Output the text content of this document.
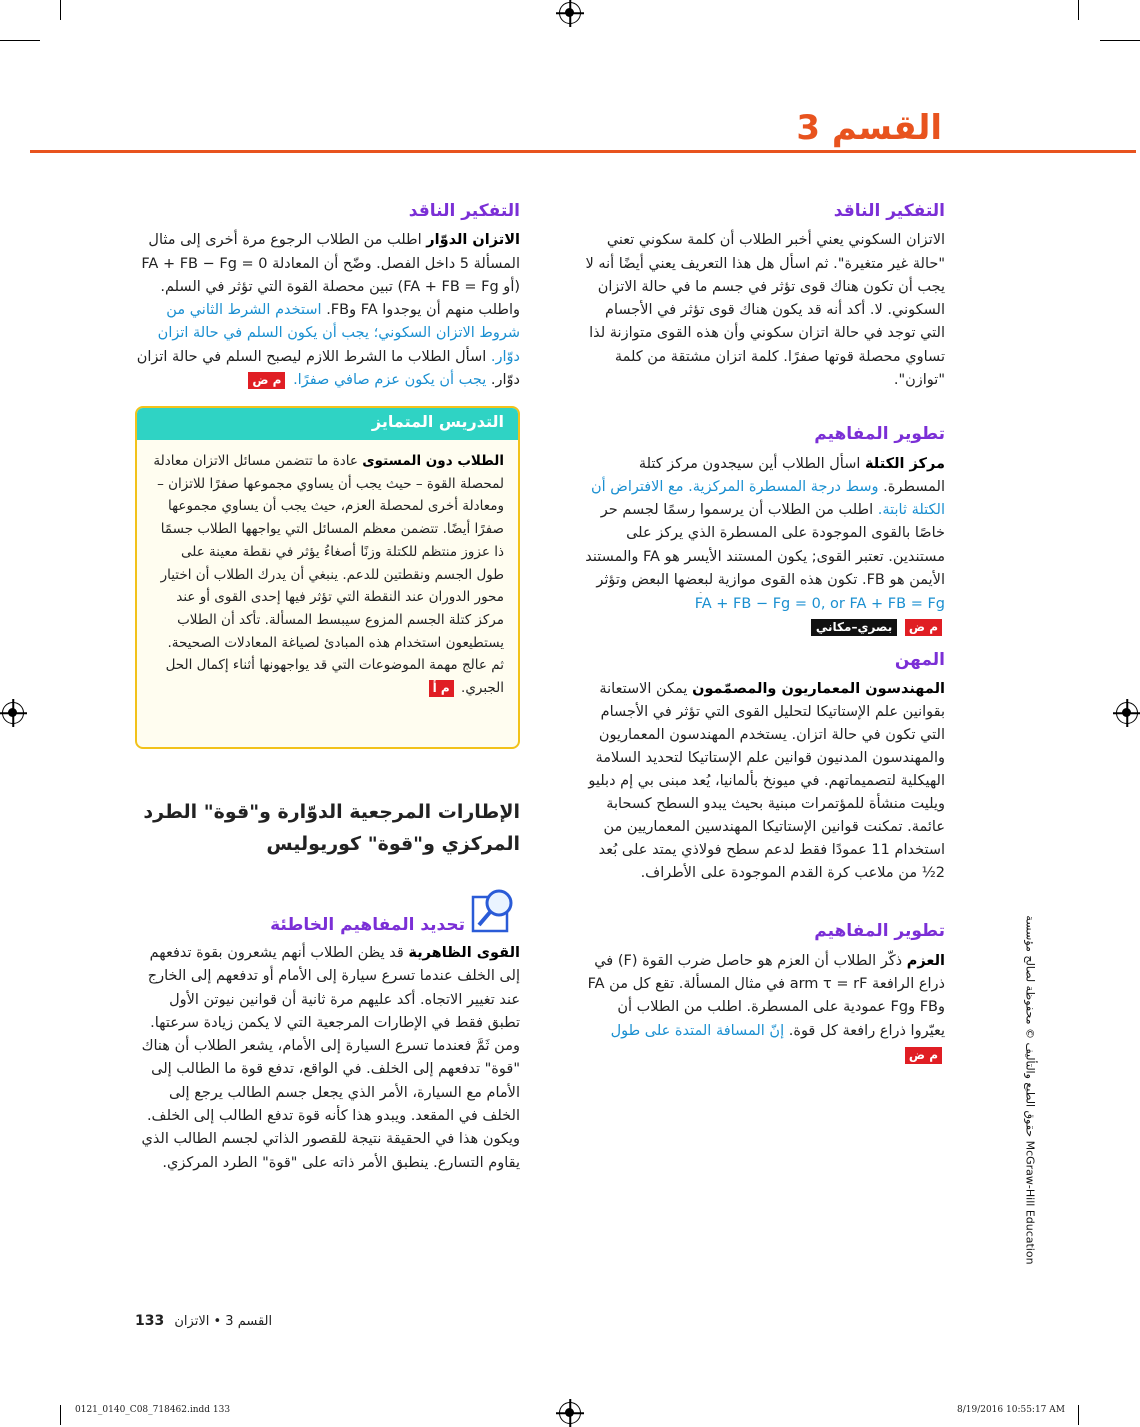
القسم 3
التفكير الناقد

الاتزان السكوني يعني أخبر الطلاب أن كلمة سكوني تعني "حالة غير متغيرة". ثم اسأل هل هذا التعريف يعني أيضًا أنه لا يجب أن تكون هناك قوى تؤثر في جسم ما في حالة الاتزان السكوني. لا. أكد أنه قد يكون هناك قوى تؤثر في الأجسام التي توجد في حالة اتزان سكوني وأن هذه القوى متوازنة لذا تساوي محصلة قوتها صفرًا. كلمة اتزان مشتقة من كلمة "توازن".

تطوير المفاهيم

مركز الكتلة اسأل الطلاب أين سيجدون مركز كتلة المسطرة. وسط درجة المسطرة المركزية. مع الافتراض أن الكتلة ثابتة. اطلب من الطلاب أن يرسموا رسمًا لجسم حر خاصًا بالقوى الموجودة على المسطرة الذي يركز على مستندين. تعتبر القوى; يكون المستند الأيسر هو FA والمستند الأيمن هو FB. تكون هذه القوى موازية لبعضها البعض وتؤثر

FA + FB − Fg = 0, or FA + FB = Fg

م ض بصري–مكاني

المهن

المهندسون المعماريون والمصمّمون يمكن الاستعانة بقوانين علم الإستاتيكا لتحليل القوى التي تؤثر في الأجسام التي تكون في حالة اتزان. يستخدم المهندسون المعماريون والمهندسون المدنيون قوانين علم الإستاتيكا لتحديد السلامة الهيكلية لتصميماتهم. في ميونخ بألمانيا، يُعد مبنى بي إم دبليو ويليت منشأة للمؤتمرات مبنية بحيث يبدو السطح كسحابة عائمة. تمكنت قوانين الإستاتيكا المهندسين المعماريين من استخدام 11 عمودًا فقط لدعم سطح فولاذي يمتد على بُعد 2½ من ملاعب كرة القدم الموجودة على الأطراف.

تطوير المفاهيم

العزم ذكّر الطلاب أن العزم هو حاصل ضرب القوة (F) في ذراع الرافعة arm τ = rF في مثال المسألة. تقع كل من FA وFB وFg عمودية على المسطرة. اطلب من الطلاب أن يعيّروا ذراع رافعة كل قوة. إنّ المسافة المتدة على طول

م ض

التفكير الناقد

الاتزان الدوّار اطلب من الطلاب الرجوع مرة أخرى إلى مثال المسألة 5 داخل الفصل. وضّح أن المعادلة FA + FB − Fg = 0 (أو FA + FB = Fg) تبين محصلة القوة التي تؤثر في السلم. واطلب منهم أن يوجدوا FA وFB. استخدم الشرط الثاني من شروط الاتزان السكوني؛ يجب أن يكون السلم في حالة اتزان دوّار. اسأل الطلاب ما الشرط اللازم ليصبح السلم في حالة اتزان دوّار. يجب أن يكون عزم صافي صفرًا. م ض

التدريس المتمايز
الطلاب دون المستوى عادة ما تتضمن مسائل الاتزان معادلة لمحصلة القوة – حيث يجب أن يساوي مجموعها صفرًا للاتزان – ومعادلة أخرى لمحصلة العزم، حيث يجب أن يساوي مجموعها صفرًا أيضًا. تتضمن معظم المسائل التي يواجهها الطلاب جسمًا ذا عزوز منتظم للكتلة وزنًا أصغاءُ يؤثر في نقطة معينة على طول الجسم ونقطتين للدعم. ينبغي أن يدرك الطلاب أن اختيار محور الدوران عند النقطة التي تؤثر فيها إحدى القوى أو عند مركز كتلة الجسم المزوع سيبسط المسألة. تأكد أن الطلاب يستطيعون استخدام هذه المبادئ لصياغة المعادلات الصحيحة. ثم عالج مهمة الموضوعات التي قد يواجهونها أثناء إكمال الحل الجبري. م أ
الإطارات المرجعية الدوّارة و"قوة" الطرد المركزي و"قوة" كوريوليس
تحديد المفاهيم الخاطئة

القوى الظاهرية قد يظن الطلاب أنهم يشعرون بقوة تدفعهم إلى الخلف عندما تسرع سيارة إلى الأمام أو تدفعهم إلى الخارج عند تغيير الاتجاه. أكد عليهم مرة ثانية أن قوانين نيوتن الأول تطبق فقط في الإطارات المرجعية التي لا يكمن زيادة سرعتها. ومن ثَمَّ فعندما تسرع السيارة إلى الأمام، يشعر الطلاب أن هناك "قوة" تدفعهم إلى الخلف. في الواقع، تدفع قوة ما الطالب إلى الأمام مع السيارة، الأمر الذي يجعل جسم الطالب يرجع إلى الخلف في المقعد. ويبدو هذا كأنه قوة تدفع الطالب إلى الخلف. ويكون هذا في الحقيقة نتيجة للقصور الذاتي لجسم الطالب الذي يقاوم التسارع. ينطبق الأمر ذاته على "قوة" الطرد المركزي.

حقوق الطبع والتأليف © محفوظة لصالح مؤسسة McGraw-Hill Education
133 القسم 3 • الاتزان
0121_0140_C08_718462.indd 133	8/19/2016 10:55:17 AM
